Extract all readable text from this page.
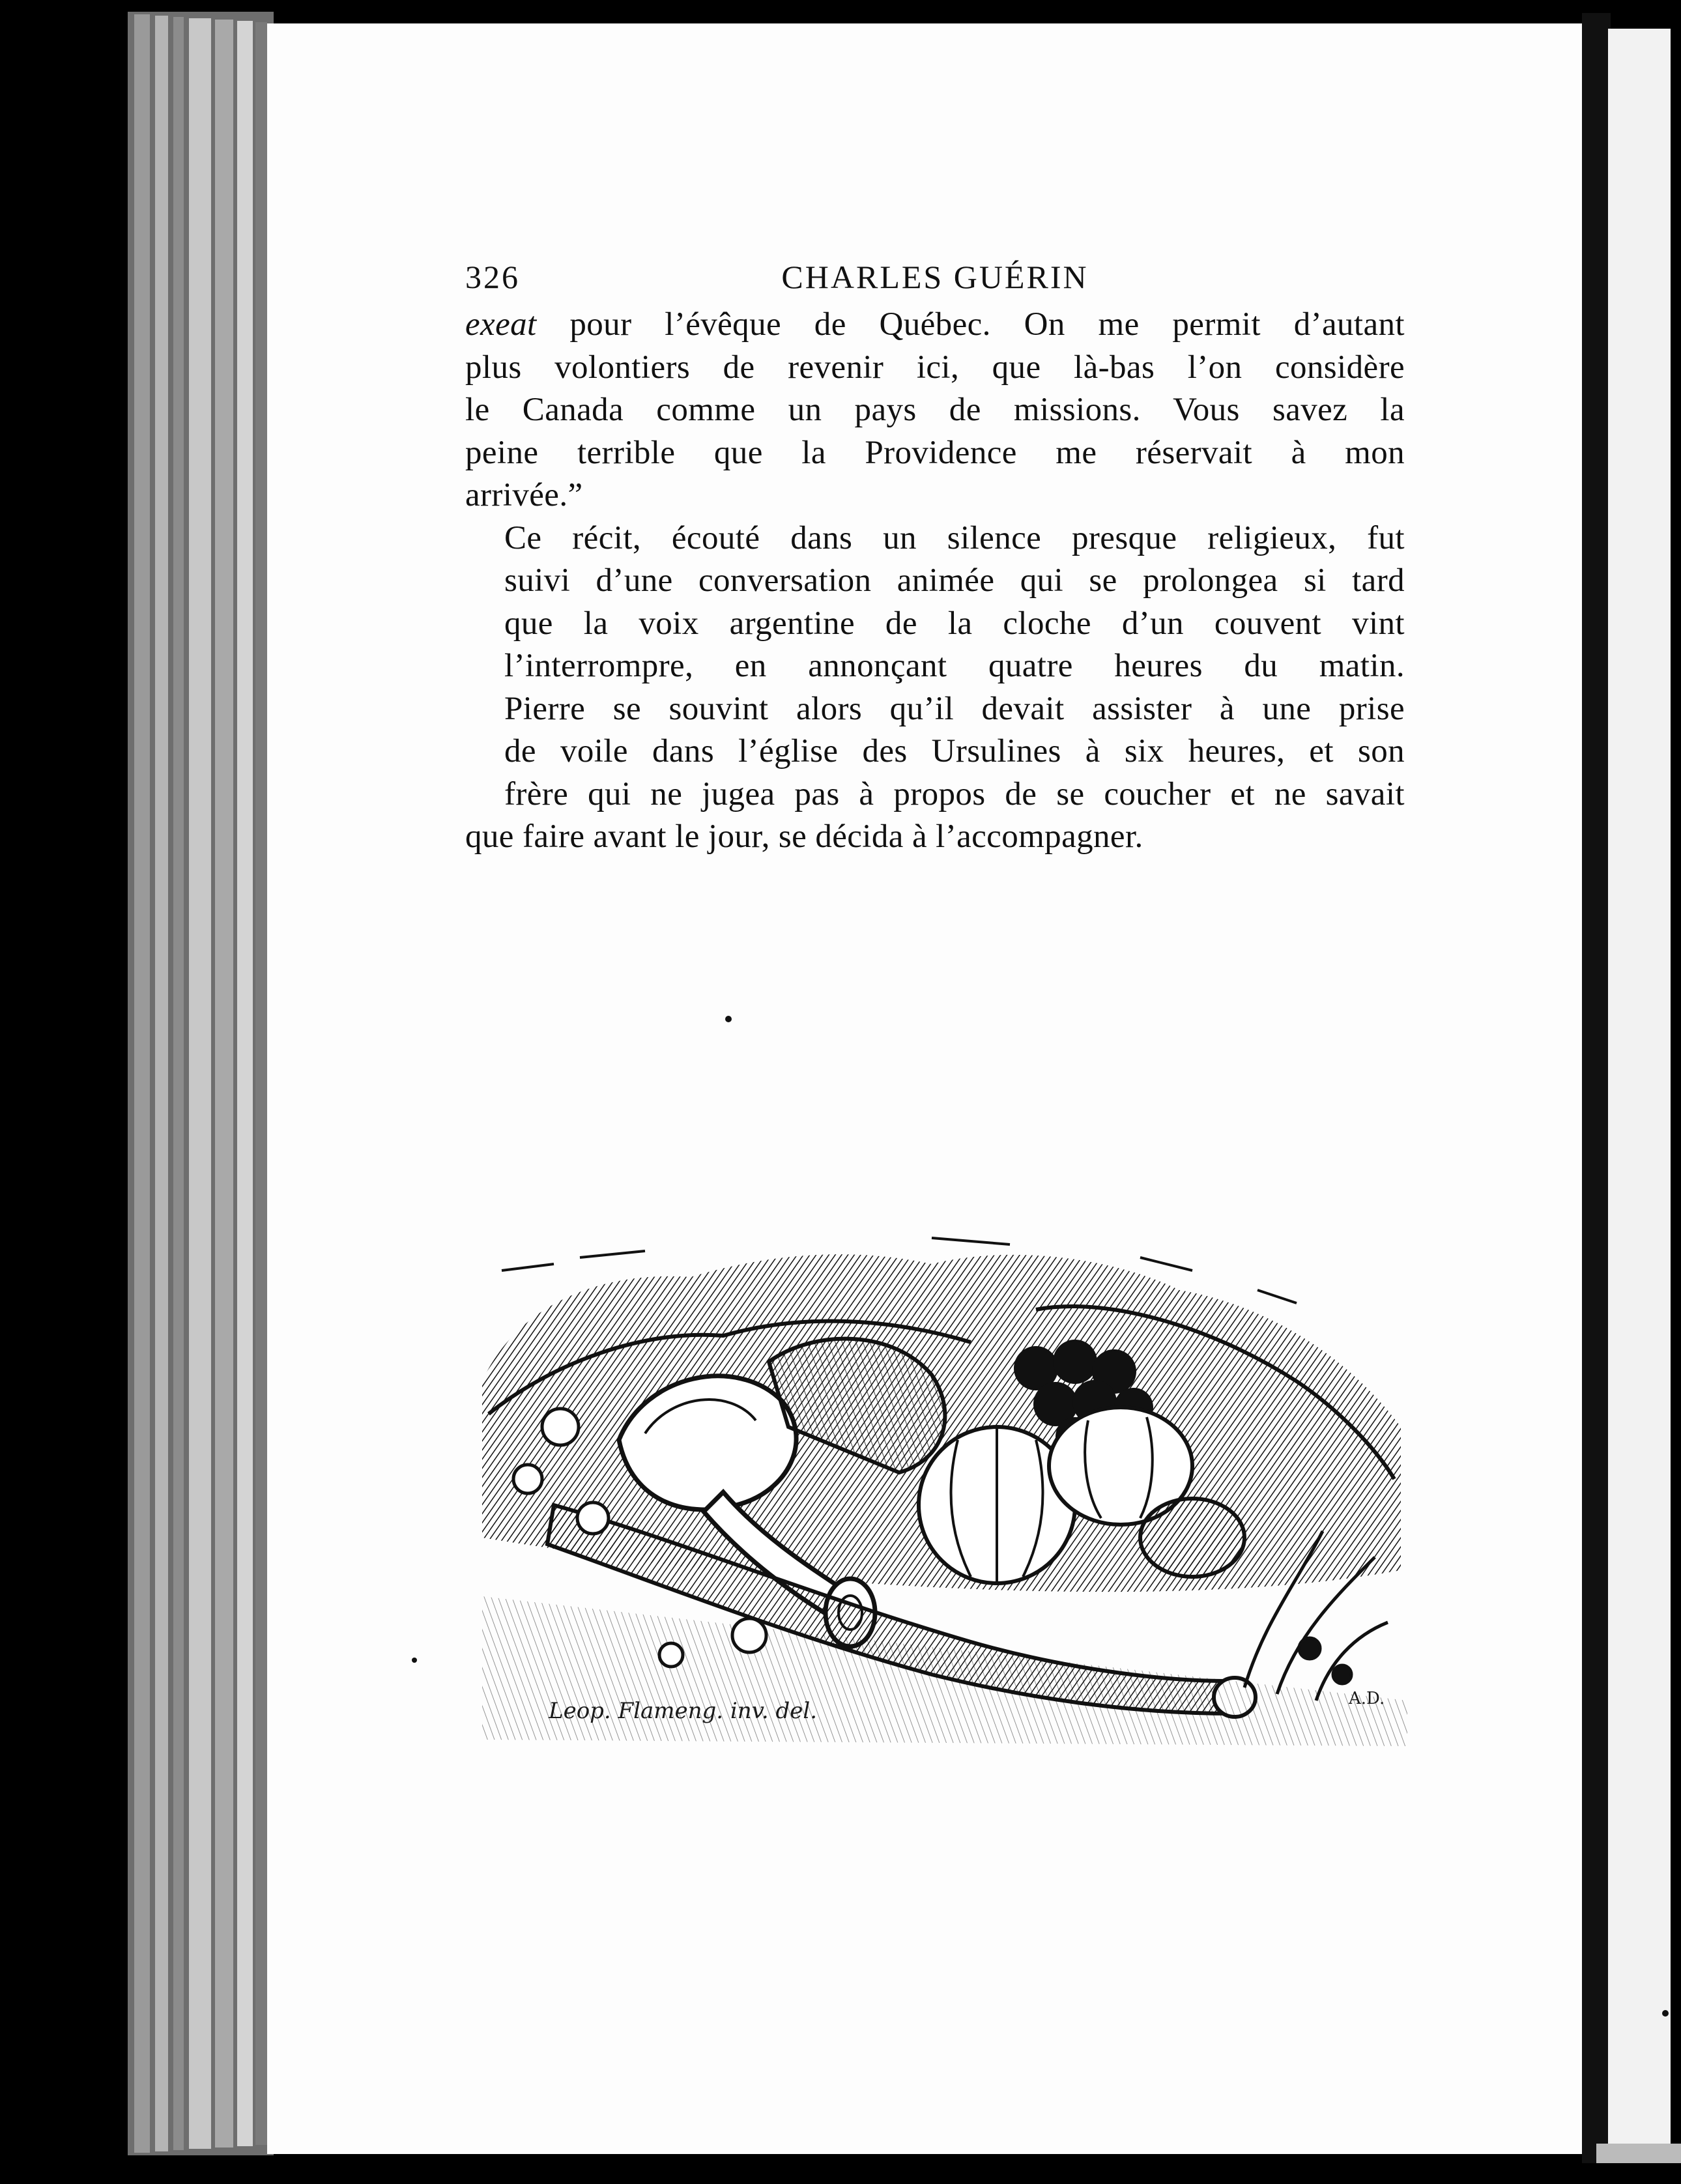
326	CHARLES GUÉRIN

exeat pour l’évêque de Québec. On me permit d’autant
plus volontiers de revenir ici, que là-bas l’on considère
le Canada comme un pays de missions. Vous savez la
peine terrible que la Providence me réservait à mon

arrivée.”

Ce récit, écouté dans un silence presque religieux, fut
suivi d’une conversation animée qui se prolongea si tard
que la voix argentine de la cloche d’un couvent vint
l’interrompre, en annonçant quatre heures du matin.

Pierre se souvint alors qu’il devait assister à une prise
de voile dans l’église des Ursulines à six heures, et son
frère qui ne jugea pas à propos de se coucher et ne savait

que faire avant le jour, se décida à l’accompagner.

Leop. Flameng. inv. del.	A.D.
